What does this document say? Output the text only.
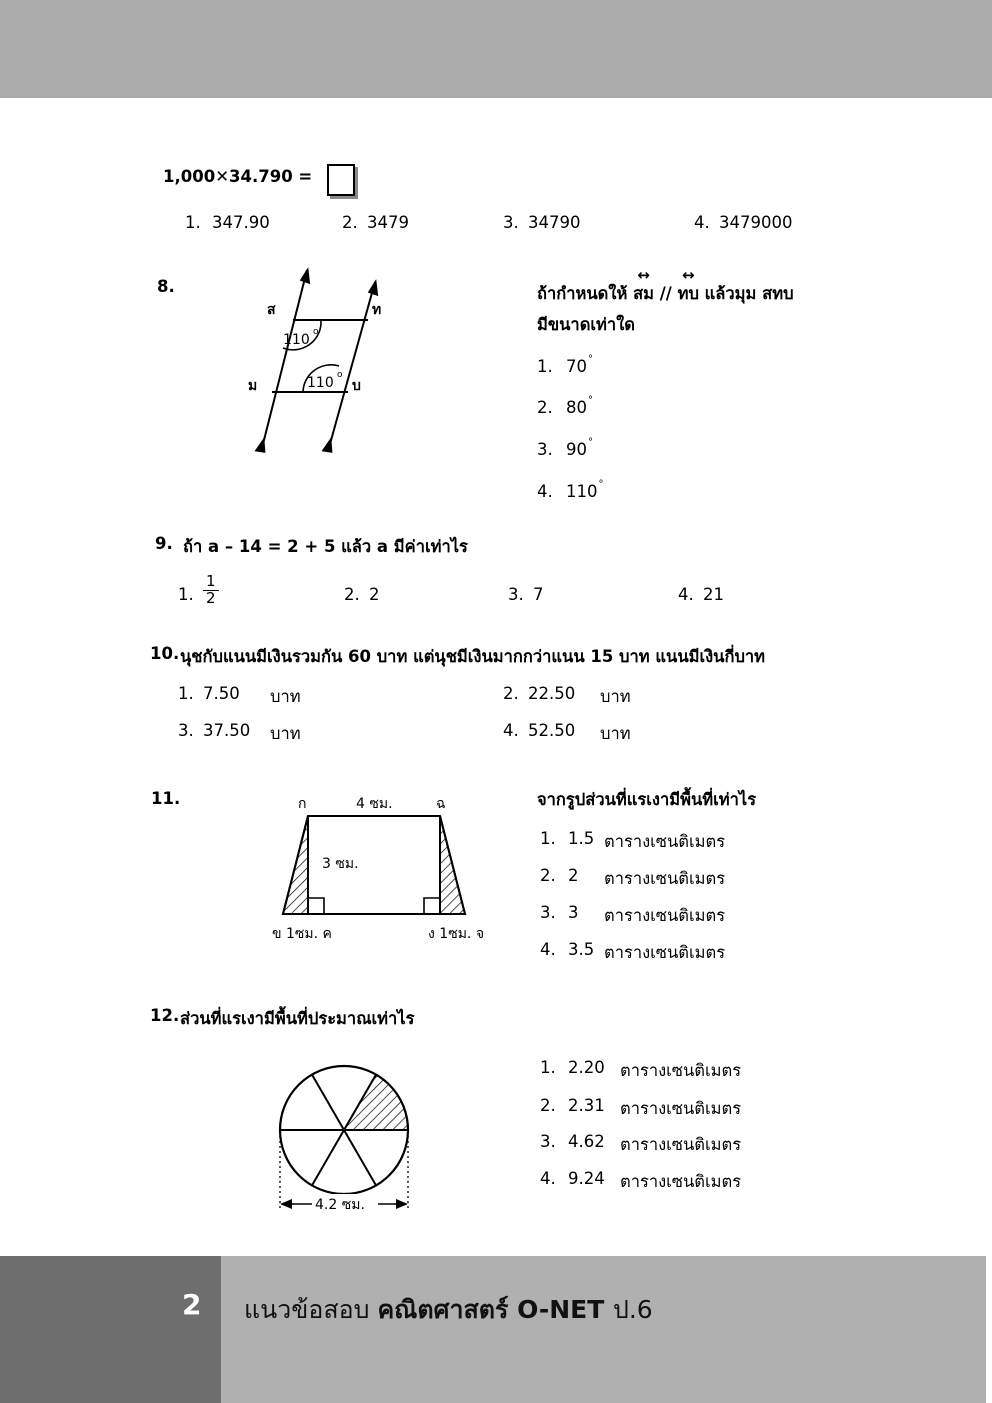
1,000✕34.790 =
1. 347.90	2. 3479	3. 34790	4. 3479000
8.
ส	ท
ม	บ
110 o
110 o
ถ้ากำหนดให้
↔
สม //
↔
ทบ แล้วมุม สทบ
มีขนาดเท่าใด
1. 70°
2. 80°
3. 90°
4. 110°
9. ถ้า a – 14 = 2 + 5 แล้ว a มีค่าเท่าไร
1. $\frac{1}{2}$	2. 2	3. 7	4. 21
10. นุชกับแนนมีเงินรวมกัน 60 บาท แต่นุชมีเงินมากกว่าแนน 15 บาท แนนมีเงินกี่บาท
1. 7.50 บาท	2. 22.50 บาท
3. 37.50 บาท	4. 52.50 บาท
11.	ก	4 ซม.	ฉ
3 ซม.
ข 1ซม. ค	ง 1ซม. จ
จากรูปส่วนที่แรเงามีพื้นที่เท่าไร
1. 1.5 ตารางเซนติเมตร
2. 2 ตารางเซนติเมตร
3. 3 ตารางเซนติเมตร
4. 3.5 ตารางเซนติเมตร
12. ส่วนที่แรเงามีพื้นที่ประมาณเท่าไร
4.2 ซม.
1. 2.20 ตารางเซนติเมตร
2. 2.31 ตารางเซนติเมตร
3. 4.62 ตารางเซนติเมตร
4. 9.24 ตารางเซนติเมตร
2 แนวข้อสอบ คณิตศาสตร์ O-NET ป.6
